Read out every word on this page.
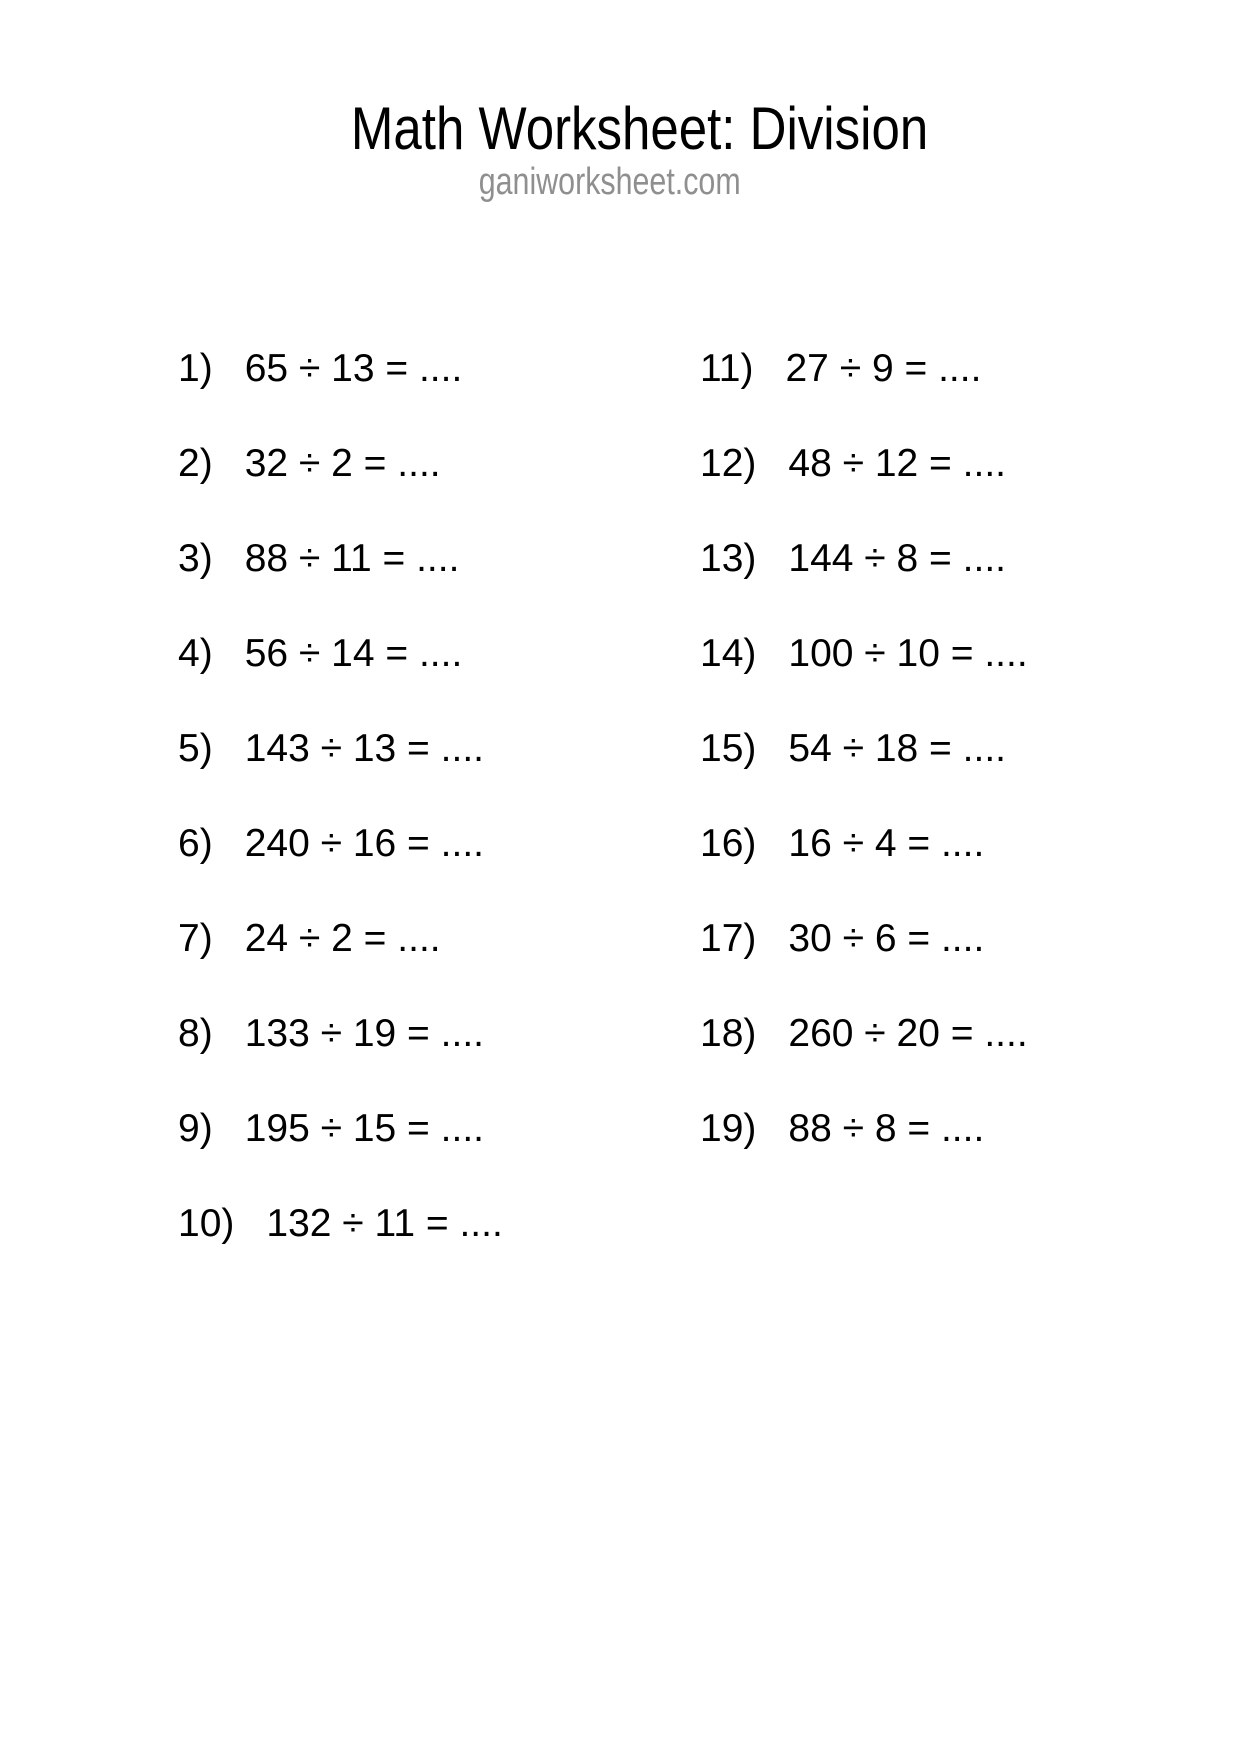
Math Worksheet: Division
ganiworksheet.com
1) 65 ÷ 13 = ....
2) 32 ÷ 2 = ....
3) 88 ÷ 11 = ....
4) 56 ÷ 14 = ....
5) 143 ÷ 13 = ....
6) 240 ÷ 16 = ....
7) 24 ÷ 2 = ....
8) 133 ÷ 19 = ....
9) 195 ÷ 15 = ....
10) 132 ÷ 11 = ....
11) 27 ÷ 9 = ....
12) 48 ÷ 12 = ....
13) 144 ÷ 8 = ....
14) 100 ÷ 10 = ....
15) 54 ÷ 18 = ....
16) 16 ÷ 4 = ....
17) 30 ÷ 6 = ....
18) 260 ÷ 20 = ....
19) 88 ÷ 8 = ....
